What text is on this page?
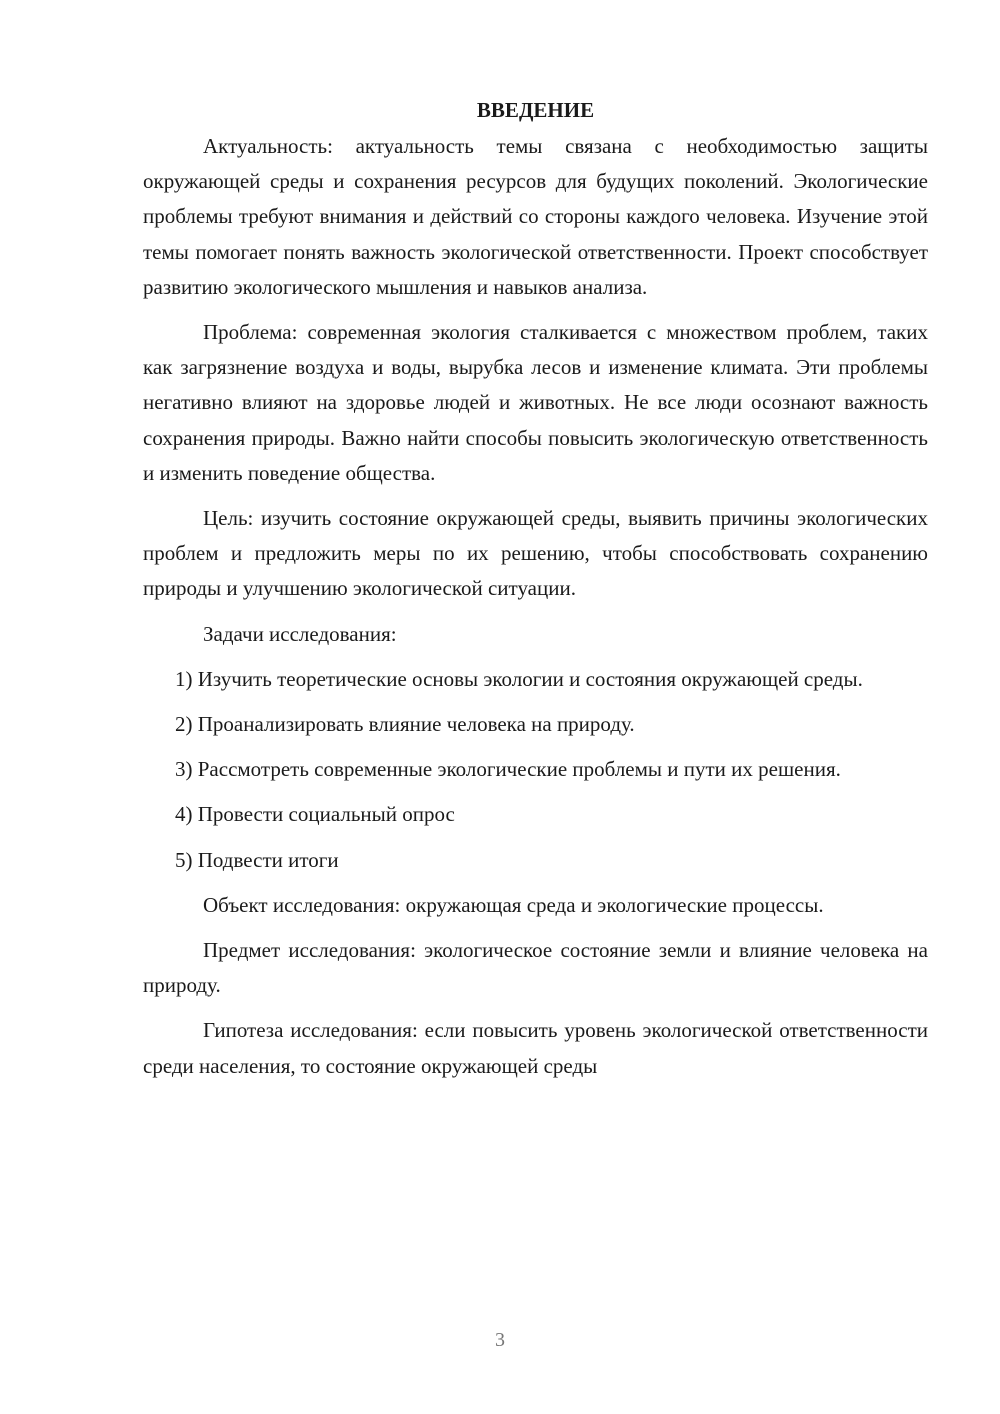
ВВЕДЕНИЕ

Актуальность: актуальность темы связана с необходимостью защиты окружающей среды и сохранения ресурсов для будущих поколений. Экологические проблемы требуют внимания и действий со стороны каждого человека. Изучение этой темы помогает понять важность экологической ответственности. Проект способствует развитию экологического мышления и навыков анализа.

Проблема: современная экология сталкивается с множеством проблем, таких как загрязнение воздуха и воды, вырубка лесов и изменение климата. Эти проблемы негативно влияют на здоровье людей и животных. Не все люди осознают важность сохранения природы. Важно найти способы повысить экологическую ответственность и изменить поведение общества.

Цель: изучить состояние окружающей среды, выявить причины экологических проблем и предложить меры по их решению, чтобы способствовать сохранению природы и улучшению экологической ситуации.

Задачи исследования:

1) Изучить теоретические основы экологии и состояния окружающей среды.

2) Проанализировать влияние человека на природу.

3) Рассмотреть современные экологические проблемы и пути их решения.

4) Провести социальный опрос

5) Подвести итоги

Объект исследования: окружающая среда и экологические процессы.

Предмет исследования: экологическое состояние земли и влияние человека на природу.

Гипотеза исследования: если повысить уровень экологической ответственности среди населения, то состояние окружающей среды

3
